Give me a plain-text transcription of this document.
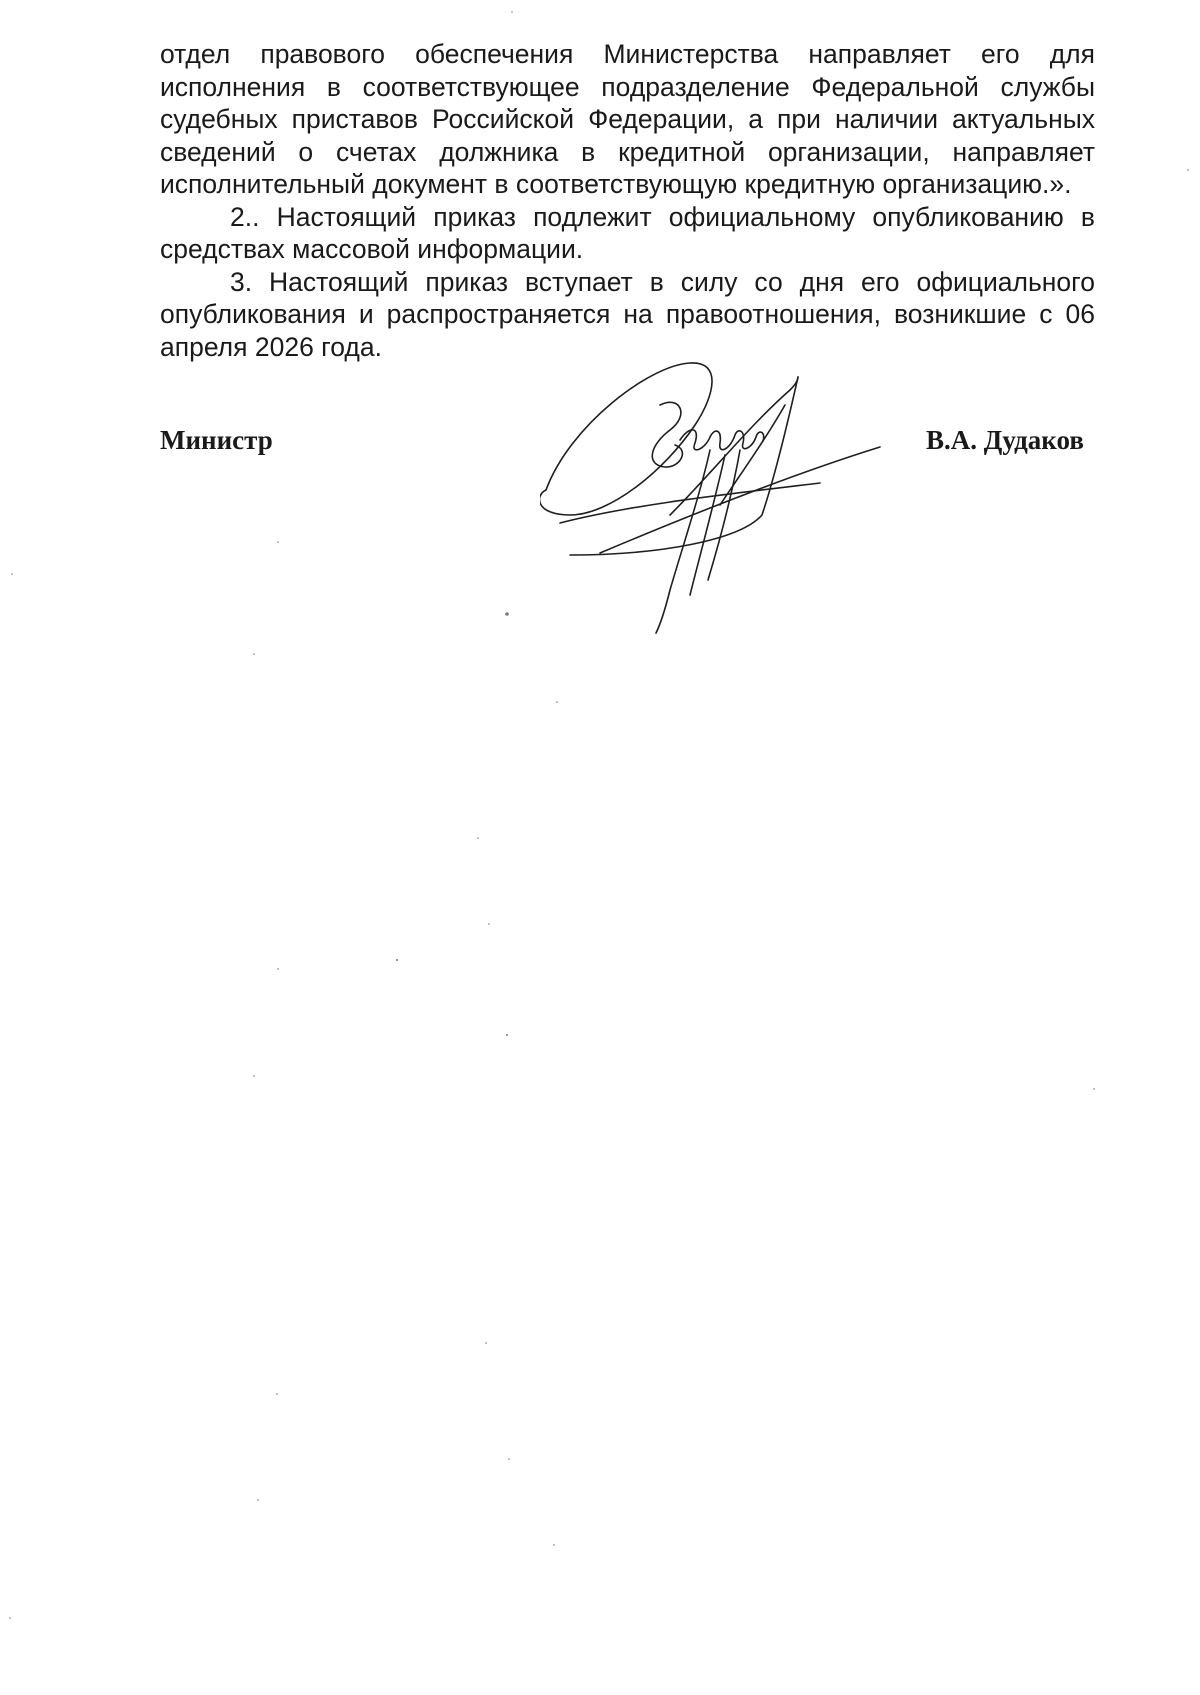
отдел правового обеспечения Министерства направляет его для исполнения в соответствующее подразделение Федеральной службы судебных приставов Российской Федерации, а при наличии актуальных сведений о счетах должника в кредитной организации, направляет исполнительный документ в соответствующую кредитную организацию.».

2.. Настоящий приказ подлежит официальному опубликованию в средствах массовой информации.

3. Настоящий приказ вступает в силу со дня его официального опубликования и распространяется на правоотношения, возникшие с 06 апреля 2026 года.

Министр	В.А. Дудаков
